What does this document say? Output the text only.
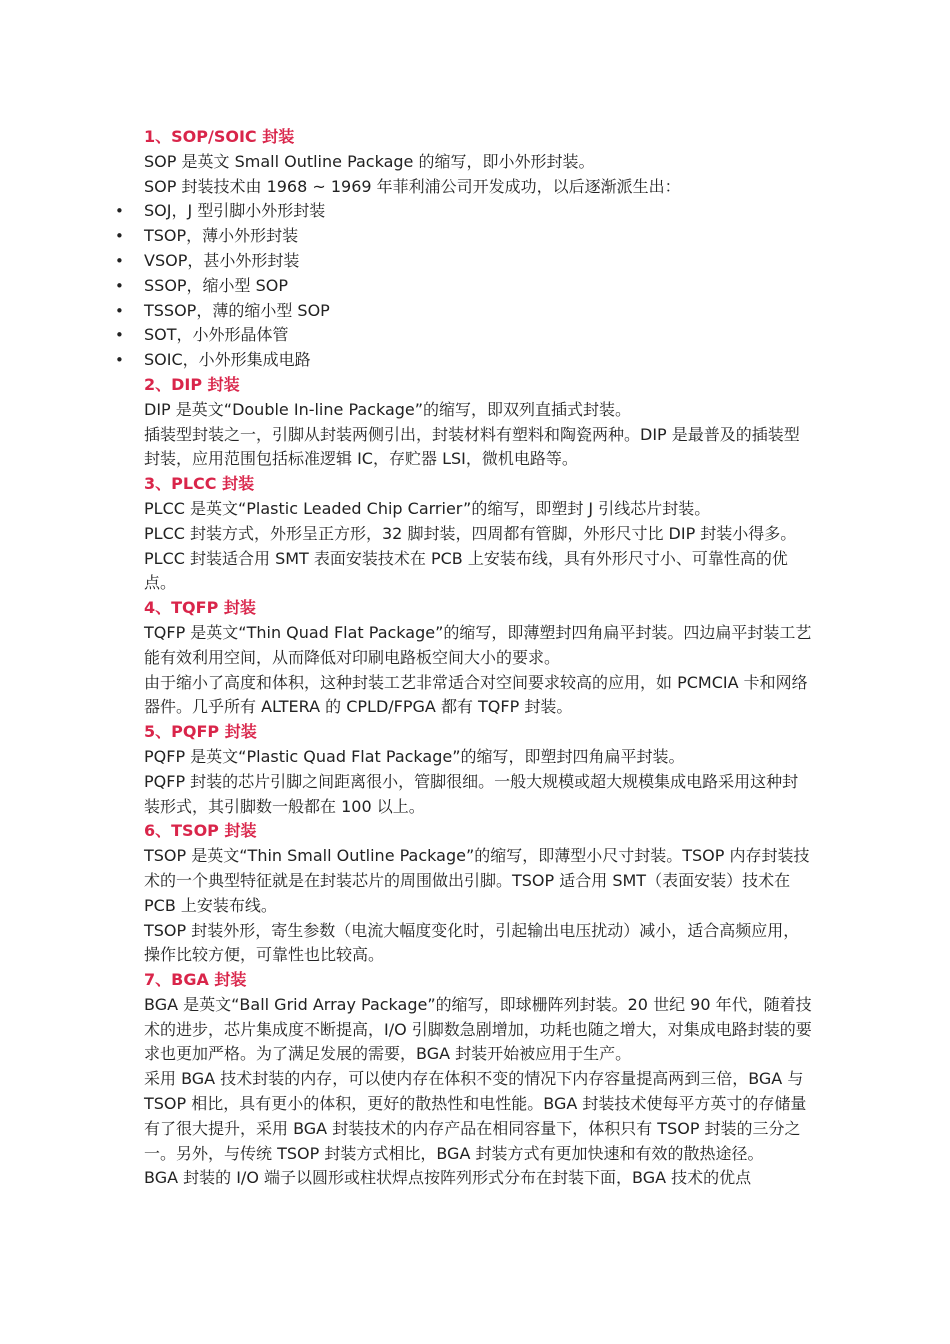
1、SOP/SOIC 封装
SOP 是英文 Small Outline Package 的缩写，即小外形封装。
SOP 封装技术由 1968 ~ 1969 年菲利浦公司开发成功，以后逐渐派生出：
• SOJ，J 型引脚小外形封装
• TSOP，薄小外形封装
• VSOP，甚小外形封装
• SSOP，缩小型 SOP
• TSSOP，薄的缩小型 SOP
• SOT，小外形晶体管
• SOIC，小外形集成电路
2、DIP 封装
DIP 是英文“Double In-line Package”的缩写，即双列直插式封装。
插装型封装之一，引脚从封装两侧引出，封装材料有塑料和陶瓷两种。DIP 是最普及的插装型封装，应用范围包括标准逻辑 IC，存贮器 LSI，微机电路等。
3、PLCC 封装
PLCC 是英文“Plastic Leaded Chip Carrier”的缩写，即塑封 J 引线芯片封装。
PLCC 封装方式，外形呈正方形，32 脚封装，四周都有管脚，外形尺寸比 DIP 封装小得多。PLCC 封装适合用 SMT 表面安装技术在 PCB 上安装布线，具有外形尺寸小、可靠性高的优点。
4、TQFP 封装
TQFP 是英文“Thin Quad Flat Package”的缩写，即薄塑封四角扁平封装。四边扁平封装工艺能有效利用空间，从而降低对印刷电路板空间大小的要求。
由于缩小了高度和体积，这种封装工艺非常适合对空间要求较高的应用，如 PCMCIA 卡和网络器件。几乎所有 ALTERA 的 CPLD/FPGA 都有 TQFP 封装。
5、PQFP 封装
PQFP 是英文“Plastic Quad Flat Package”的缩写，即塑封四角扁平封装。
PQFP 封装的芯片引脚之间距离很小，管脚很细。一般大规模或超大规模集成电路采用这种封装形式，其引脚数一般都在 100 以上。
6、TSOP 封装
TSOP 是英文“Thin Small Outline Package”的缩写，即薄型小尺寸封装。TSOP 内存封装技术的一个典型特征就是在封装芯片的周围做出引脚。TSOP 适合用 SMT（表面安装）技术在 PCB 上安装布线。
TSOP 封装外形，寄生参数（电流大幅度变化时，引起输出电压扰动）减小，适合高频应用，操作比较方便，可靠性也比较高。
7、BGA 封装
BGA 是英文“Ball Grid Array Package”的缩写，即球栅阵列封装。20 世纪 90 年代，随着技术的进步，芯片集成度不断提高，I/O 引脚数急剧增加，功耗也随之增大，对集成电路封装的要求也更加严格。为了满足发展的需要，BGA 封装开始被应用于生产。
采用 BGA 技术封装的内存，可以使内存在体积不变的情况下内存容量提高两到三倍，BGA 与 TSOP 相比，具有更小的体积，更好的散热性和电性能。BGA 封装技术使每平方英寸的存储量有了很大提升，采用 BGA 封装技术的内存产品在相同容量下，体积只有 TSOP 封装的三分之一。另外，与传统 TSOP 封装方式相比，BGA 封装方式有更加快速和有效的散热途径。
BGA 封装的 I/O 端子以圆形或柱状焊点按阵列形式分布在封装下面，BGA 技术的优点
